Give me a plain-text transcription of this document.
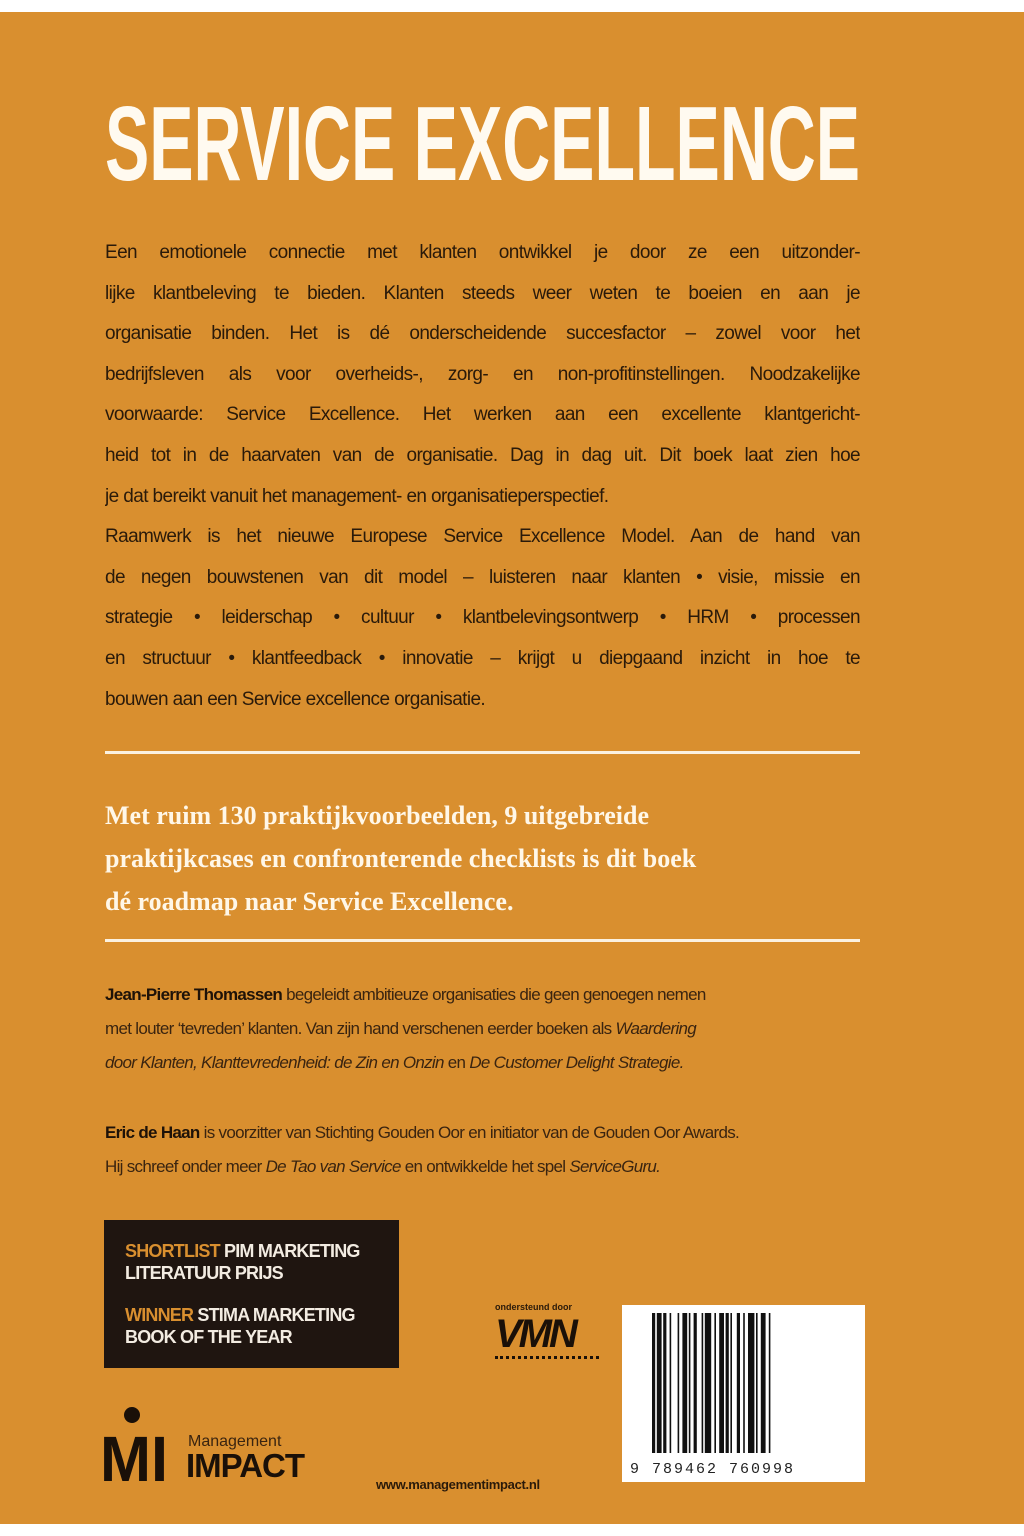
SERVICE EXCELLENCE
Een emotionele connectie met klanten ontwikkel je door ze een uitzonder-
lijke klantbeleving te bieden. Klanten steeds weer weten te boeien en aan je
organisatie binden. Het is dé onderscheidende succesfactor – zowel voor het
bedrijfsleven als voor overheids-, zorg- en non-profitinstellingen. Noodzakelijke
voorwaarde: Service Excellence. Het werken aan een excellente klantgericht-
heid tot in de haarvaten van de organisatie. Dag in dag uit. Dit boek laat zien hoe
je dat bereikt vanuit het management- en organisatieperspectief.
Raamwerk is het nieuwe Europese Service Excellence Model. Aan de hand van
de negen bouwstenen van dit model – luisteren naar klanten • visie, missie en
strategie • leiderschap • cultuur • klantbelevingsontwerp • HRM • processen
en structuur • klantfeedback • innovatie – krijgt u diepgaand inzicht in hoe te
bouwen aan een Service excellence organisatie.
Met ruim 130 praktijkvoorbeelden, 9 uitgebreide
praktijkcases en confronterende checklists is dit boek
dé roadmap naar Service Excellence.
Jean-Pierre Thomassen begeleidt ambitieuze organisaties die geen genoegen nemen
met louter ‘tevreden’ klanten. Van zijn hand verschenen eerder boeken als Waardering
door Klanten, Klanttevredenheid: de Zin en Onzin en De Customer Delight Strategie.
Eric de Haan is voorzitter van Stichting Gouden Oor en initiator van de Gouden Oor Awards.
Hij schreef onder meer De Tao van Service en ontwikkelde het spel ServiceGuru.
SHORTLIST PIM MARKETING
LITERATUUR PRIJS
WINNER STIMA MARKETING
BOOK OF THE YEAR
ondersteund door
VMN
9 789462 760998
MI Management
IMPACT
www.managementimpact.nl
